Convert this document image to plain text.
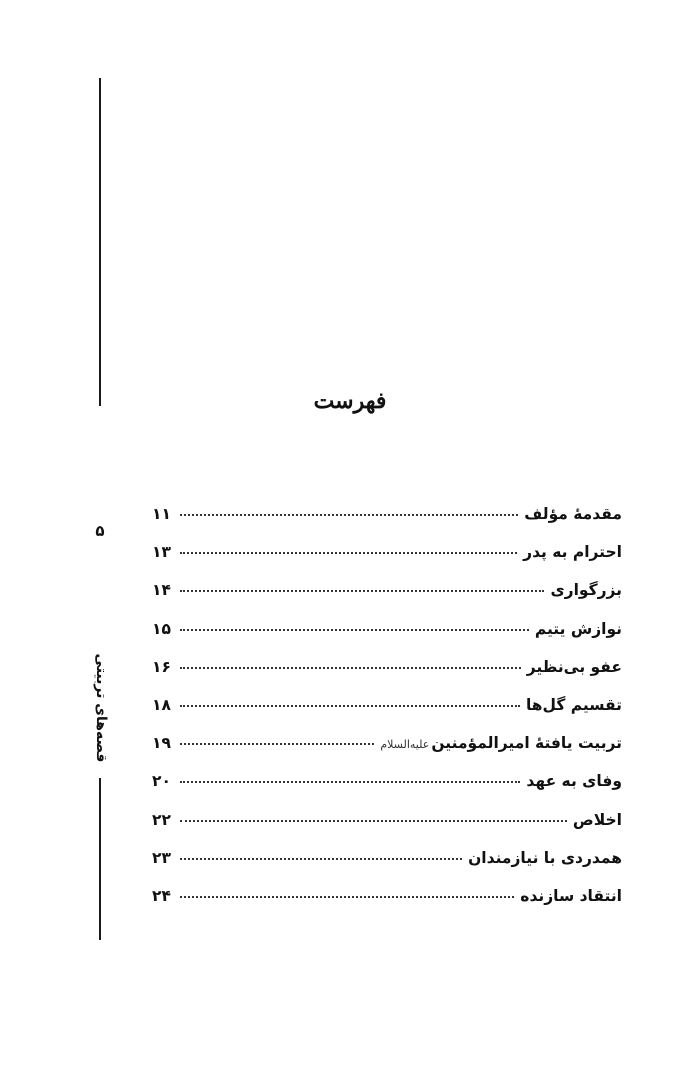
۵
قصه‌های تربیتی
فهرست
مقدمهٔ مؤلف
۱۱
احترام به پدر
۱۳
بزرگواری
۱۴
نوازش یتیم
۱۵
عفو بی‌نظیر
۱۶
تقسیم گل‌ها
۱۸
تربیت یافتهٔ امیرالمؤمنین
علیه‌السلام
۱۹
وفای به عهد
۲۰
اخلاص
۲۲
همدردی با نیازمندان
۲۳
انتقاد سازنده
۲۴
